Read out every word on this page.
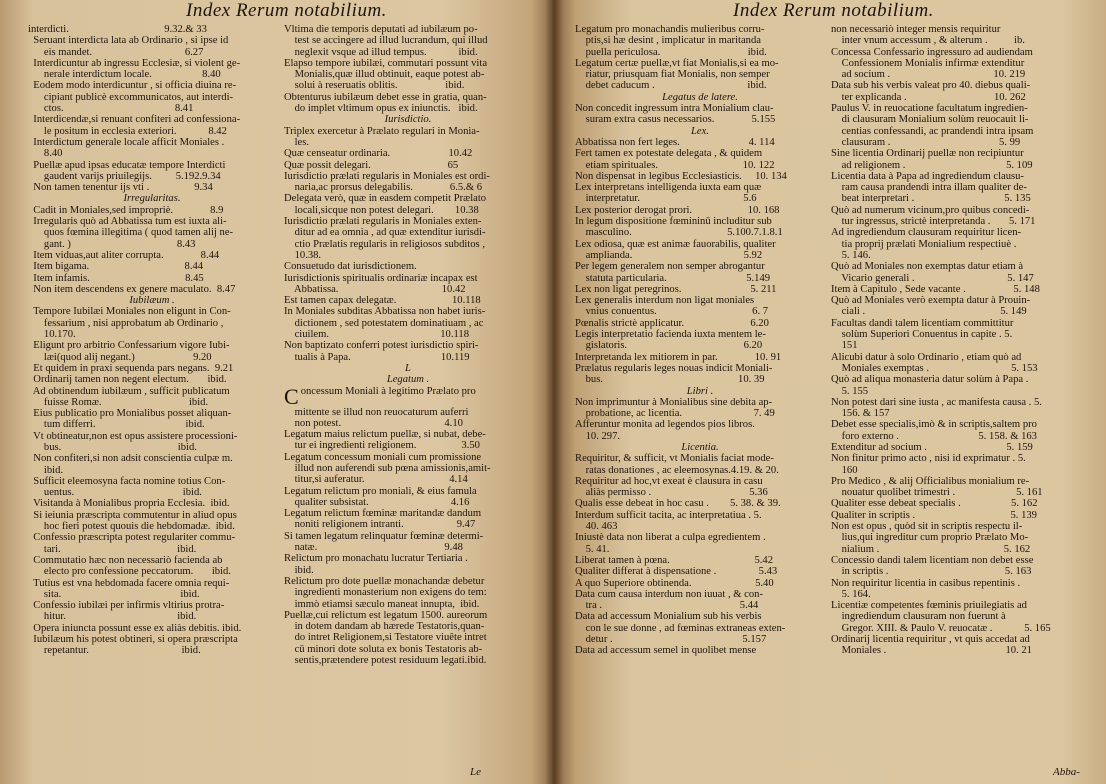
Index Rerum notabilium.
interdicti.                                    9.32.& 33
Seruant interdicta lata ab Ordinario , si ipse id
eis mandet.                                   6.27
Interdicuntur ab ingressu Ecclesiæ, si violent ge-
nerale interdictum locale.                   8.40
Eodem modo interdicuntur , si officia diuina re-
cipiant publicè excommunicatos, aut interdi-
ctos.                                          8.41
Interdicendæ,si renuant confiteri ad confessiona-
le positum in ecclesia exteriori.            8.42
Interdictum generale locale afficit Moniales .
8.40
Puellæ apud ipsas educatæ tempore Interdicti
gaudent varijs priuilegijs.         5.192.9.34
Non tamen tenentur ijs vti .                 9.34
Irregularitas.
Cadit in Moniales,sed impropriè.              8.9
Irregularis quò ad Abbatissa tum est iuxta ali-
quos fœmina illegitima ( quod tamen alij ne-
gant. )                                        8.43
Item viduas,aut aliter corrupta.              8.44
Item bigama.                                    8.44
Item infamis.                                    8.45
Non item descendens ex genere maculato.  8.47
Iubilæum .
Tempore Iubilæi Moniales non eligunt in Con-
fessarium , nisi approbatum ab Ordinario ,
10.170.
Eligunt pro arbitrio Confessarium vigore Iubi-
læi(quod alij negant.)                      9.20
Et quidem in praxi sequenda pars negans.  9.21
Ordinarij tamen non negent electum.       ibid.
Ad obtinendum iubilæum , sufficit publicatum
fuisse Romæ.                                 ibid.
Eius publicatio pro Monialibus posset aliquan-
tum differri.                                  ibid.
Vt obtineatur,non est opus assistere processioni-
bus.                                            ibid.
Non confiteri,si non adsit conscientia culpæ m.
ibid.
Sufficit eleemosyna facta nomine totius Con-
uentus.                                         ibid.
Visitanda à Monialibus propria Ecclesia.  ibid.
Si ieiunia præscripta commutentur in aliud opus
hoc fieri potest quouis die hebdomadæ.  ibid.
Confessio præscripta potest regulariter commu-
tari.                                            ibid.
Commutatio hæc non necessariò facienda ab
electo pro confessione peccatorum.       ibid.
Tutius est vna hebdomada facere omnia requi-
sita.                                             ibid.
Confessio iubilæi per infirmis vltirius protra-
hitur.                                          ibid.
Opera iniuncta possunt esse ex aliàs debitis. ibid.
Iubilæum his potest obtineri, si opera præscripta
repetantur.                                   ibid.
Vltima die temporis deputati ad iubilæum po-
test se accingere ad illud lucrandum, qui illud
neglexit vsque ad illud tempus.            ibid.
Elapso tempore iubilæi, commutari possunt vita
Monialis,quæ illud obtinuit, eaque potest ab-
solui à reseruatis oblitis.                  ibid.
Obtenturus iubilæum debet esse in gratia, quan-
do implet vltimum opus ex iniunctis.   ibid.
Iurisdictio.
Triplex exercetur à Prælato regulari in Monia-
les.
Quæ censeatur ordinaria.                      10.42
Quæ possit delegari.                             65
Iurisdictio prælati regularis in Moniales est ordi-
naria,ac prorsus delegabilis.              6.5.& 6
Delegata verò, quæ in easdem competit Prælato
locali,sicque non potest delegari.        10.38
Iurisdictio prælati regularis in Moniales exten-
ditur ad ea omnia , ad quæ extenditur iurisdi-
ctio Prælatis regularis in religiosos subditos ,
10.38.
Consuetudo dat iurisdictionem.
Iurisdictionis spiritualis ordinariæ incapax est
Abbatissa.                                       10.42
Est tamen capax delegatæ.                     10.118
In Moniales subditas Abbatissa non habet iuris-
dictionem , sed potestatem dominatiuam , ac
ciuilem.                                          10.118
Non baptizato conferri potest iurisdictio spiri-
tualis à Papa.                                  10.119
L
Legatum .
Concessum Moniali à legitimo Prælato pro
mittente se illud non reuocaturum auferri
non potest.                                       4.10
Legatum maius relictum puellæ, si nubat, debe-
tur ei ingredienti religionem.                 3.50
Legatum concessum moniali cum promissione
illud non auferendi sub pœna amissionis,amit-
titur,si auferatur.                                4.14
Legatum relictum pro moniali, & eius famula
qualiter subsistat.                               4.16
Legatum relictum fœminæ maritandæ dandum
noniti religionem intranti.                    9.47
Si tamen legatum relinquatur fœminæ determi-
natæ.                                                9.48
Relictum pro monachatu lucratur Tertiaria .
ibid.
Relictum pro dote puellæ monachandæ debetur
ingredienti monasterium non exigens do tem:
immò etiamsi sæculo maneat innupta,  ibid.
Puellæ,cui relictum est legatum 1500. aureorum
in dotem dandam ab hærede Testatoris,quan-
do intret Religionem,si Testatore viuête intret
cū minori dote soluta ex bonis Testatoris ab-
sentis,prætendere potest residuum legati.ibid.
Le
Index Rerum notabilium.
Legatum pro monachandis mulieribus corru-
ptis,si hæ desint , implicatur in maritanda
puella periculosa.                                 ibid.
Legatum certæ puellæ,vt fiat Monialis,si ea mo-
riatur, priusquam fiat Monialis, non semper
debet caducum .                                   ibid.
Legatus de latere.
Non concedit ingressum intra Monialium clau-
suram extra casus necessarios.              5.155
Lex.
Abbatissa non fert leges.                          4. 114
Fert tamen ex potestate delegata , & quidem
etiam spirituales.                                10. 122
Non dispensat in legibus Ecclesiasticis.     10. 134
Lex interpretans intelligenda iuxta eam quæ
interpretatur.                                       5.6
Lex posterior derogat prori.                     10. 168
In legum dispositione fœmininū includitur sub
masculino.                                    5.100.7.1.8.1
Lex odiosa, quæ est animæ fauorabilis, qualiter
amplianda.                                          5.92
Per legem generalem non semper abrogantur
statuta particularia.                              5.149
Lex non ligat peregrinos.                          5. 211
Lex generalis interdum non ligat moniales
vnius conuentus.                                    6. 7
Pœnalis strictè applicatur.                         6.20
Legis interpretatio facienda iuxta mentem le-
gislatoris.                                            6.20
Interpretanda lex mitiorem in par.              10. 91
Prælatus regularis leges nouas indicit Moniali-
bus.                                                   10. 39
Libri .
Non imprimuntur à Monialibus sine debita ap-
probatione, ac licentia.                           7. 49
Afferuntur monita ad legendos pios libros.
10. 297.
Licentia.
Requiritur, & sufficit, vt Monialis faciat mode-
ratas donationes , ac eleemosynas.4.19. & 20.
Requiritur ad hoc,vt exeat è clausura in casu
aliàs permisso .                                     5.36
Qualis esse debeat in hoc casu .        5. 38. & 39.
Interdum sufficit tacita, ac interpretatiua . 5.
40. 463
Iniustè data non liberat a culpa egredientem .
5. 41.
Liberat tamen à pœna.                                5.42
Qualiter differat à dispensatione .                5.43
A quo Superiore obtinenda.                        5.40
Data cum causa interdum non iuuat , & con-
tra .                                                    5.44
Data ad accessum Monialium sub his verbis
con le sue donne , ad fœminas extraneas exten-
detur .                                                 5.157
Data ad accessum semel in quolibet mense
non necessariò integer mensis requiritur
inter vnum accessum , & alterum .          ib.
Concessa Confessario ingressuro ad audiendam
Confessionem Monialis infirmæ extenditur
ad socium .                                       10. 219
Data sub his verbis valeat pro 40. diebus quali-
ter explicanda .                                 10. 262
Paulus V. in reuocatione facultatum ingredien-
di clausuram Monialium solùm reuocauit li-
centias confessandi, ac prandendi intra ipsam
clausuram .                                         5. 99
Sine licentia Ordinarij puellæ non recipiuntur
ad religionem .                                      5. 109
Licentia data à Papa ad ingrediendum clausu-
ram causa prandendi intra illam qualiter de-
beat interpretari .                                  5. 135
Quò ad numerum vicinum,pro quibus concedi-
tur ingressus, strictè interpretanda .       5. 171
Ad ingrediendum clausuram requiritur licen-
tia proprij prælati Monialium respectiuè .
5. 146.
Quò ad Moniales non exemptas datur etiam à
Vicario generali .                                   5. 147
Item à Capitulo , Sede vacante .                  5. 148
Quò ad Moniales verò exempta datur à Prouin-
ciali .                                                   5. 149
Facultas dandi talem licentiam committitur
solùm Superiori Conuentus in capite . 5.
151
Alicubi datur à solo Ordinario , etiam quò ad
Moniales exemptas .                               5. 153
Quò ad aliqua monasteria datur solùm à Papa .
5. 155
Non potest dari sine iusta , ac manifesta causa . 5.
156. & 157
Debet esse specialis,imò & in scriptis,saltem pro
foro externo .                              5. 158. & 163
Extenditur ad socium .                              5. 159
Non finitur primo acto , nisi id exprimatur . 5.
160
Pro Medico , & alij Officialibus monialium re-
nouatur quolibet trimestri .                       5. 161
Qualiter esse debeat specialis .                   5. 162
Qualiter in scriptis .                                    5. 139
Non est opus , quòd sit in scriptis respectu il-
lius,qui ingreditur cum proprio Prælato Mo-
nialium .                                               5. 162
Concessio dandi talem licentiam non debet esse
in scriptis .                                            5. 163
Non requiritur licentia in casibus repentinis .
5. 164.
Licentiæ competentes fœminis priuilegiatis ad
ingrediendum clausuram non fuerunt à
Gregor. XIII. & Paulo V. reuocatæ .            5. 165
Ordinarij licentia requiritur , vt quis accedat ad
Moniales .                                             10. 21
Abba-
